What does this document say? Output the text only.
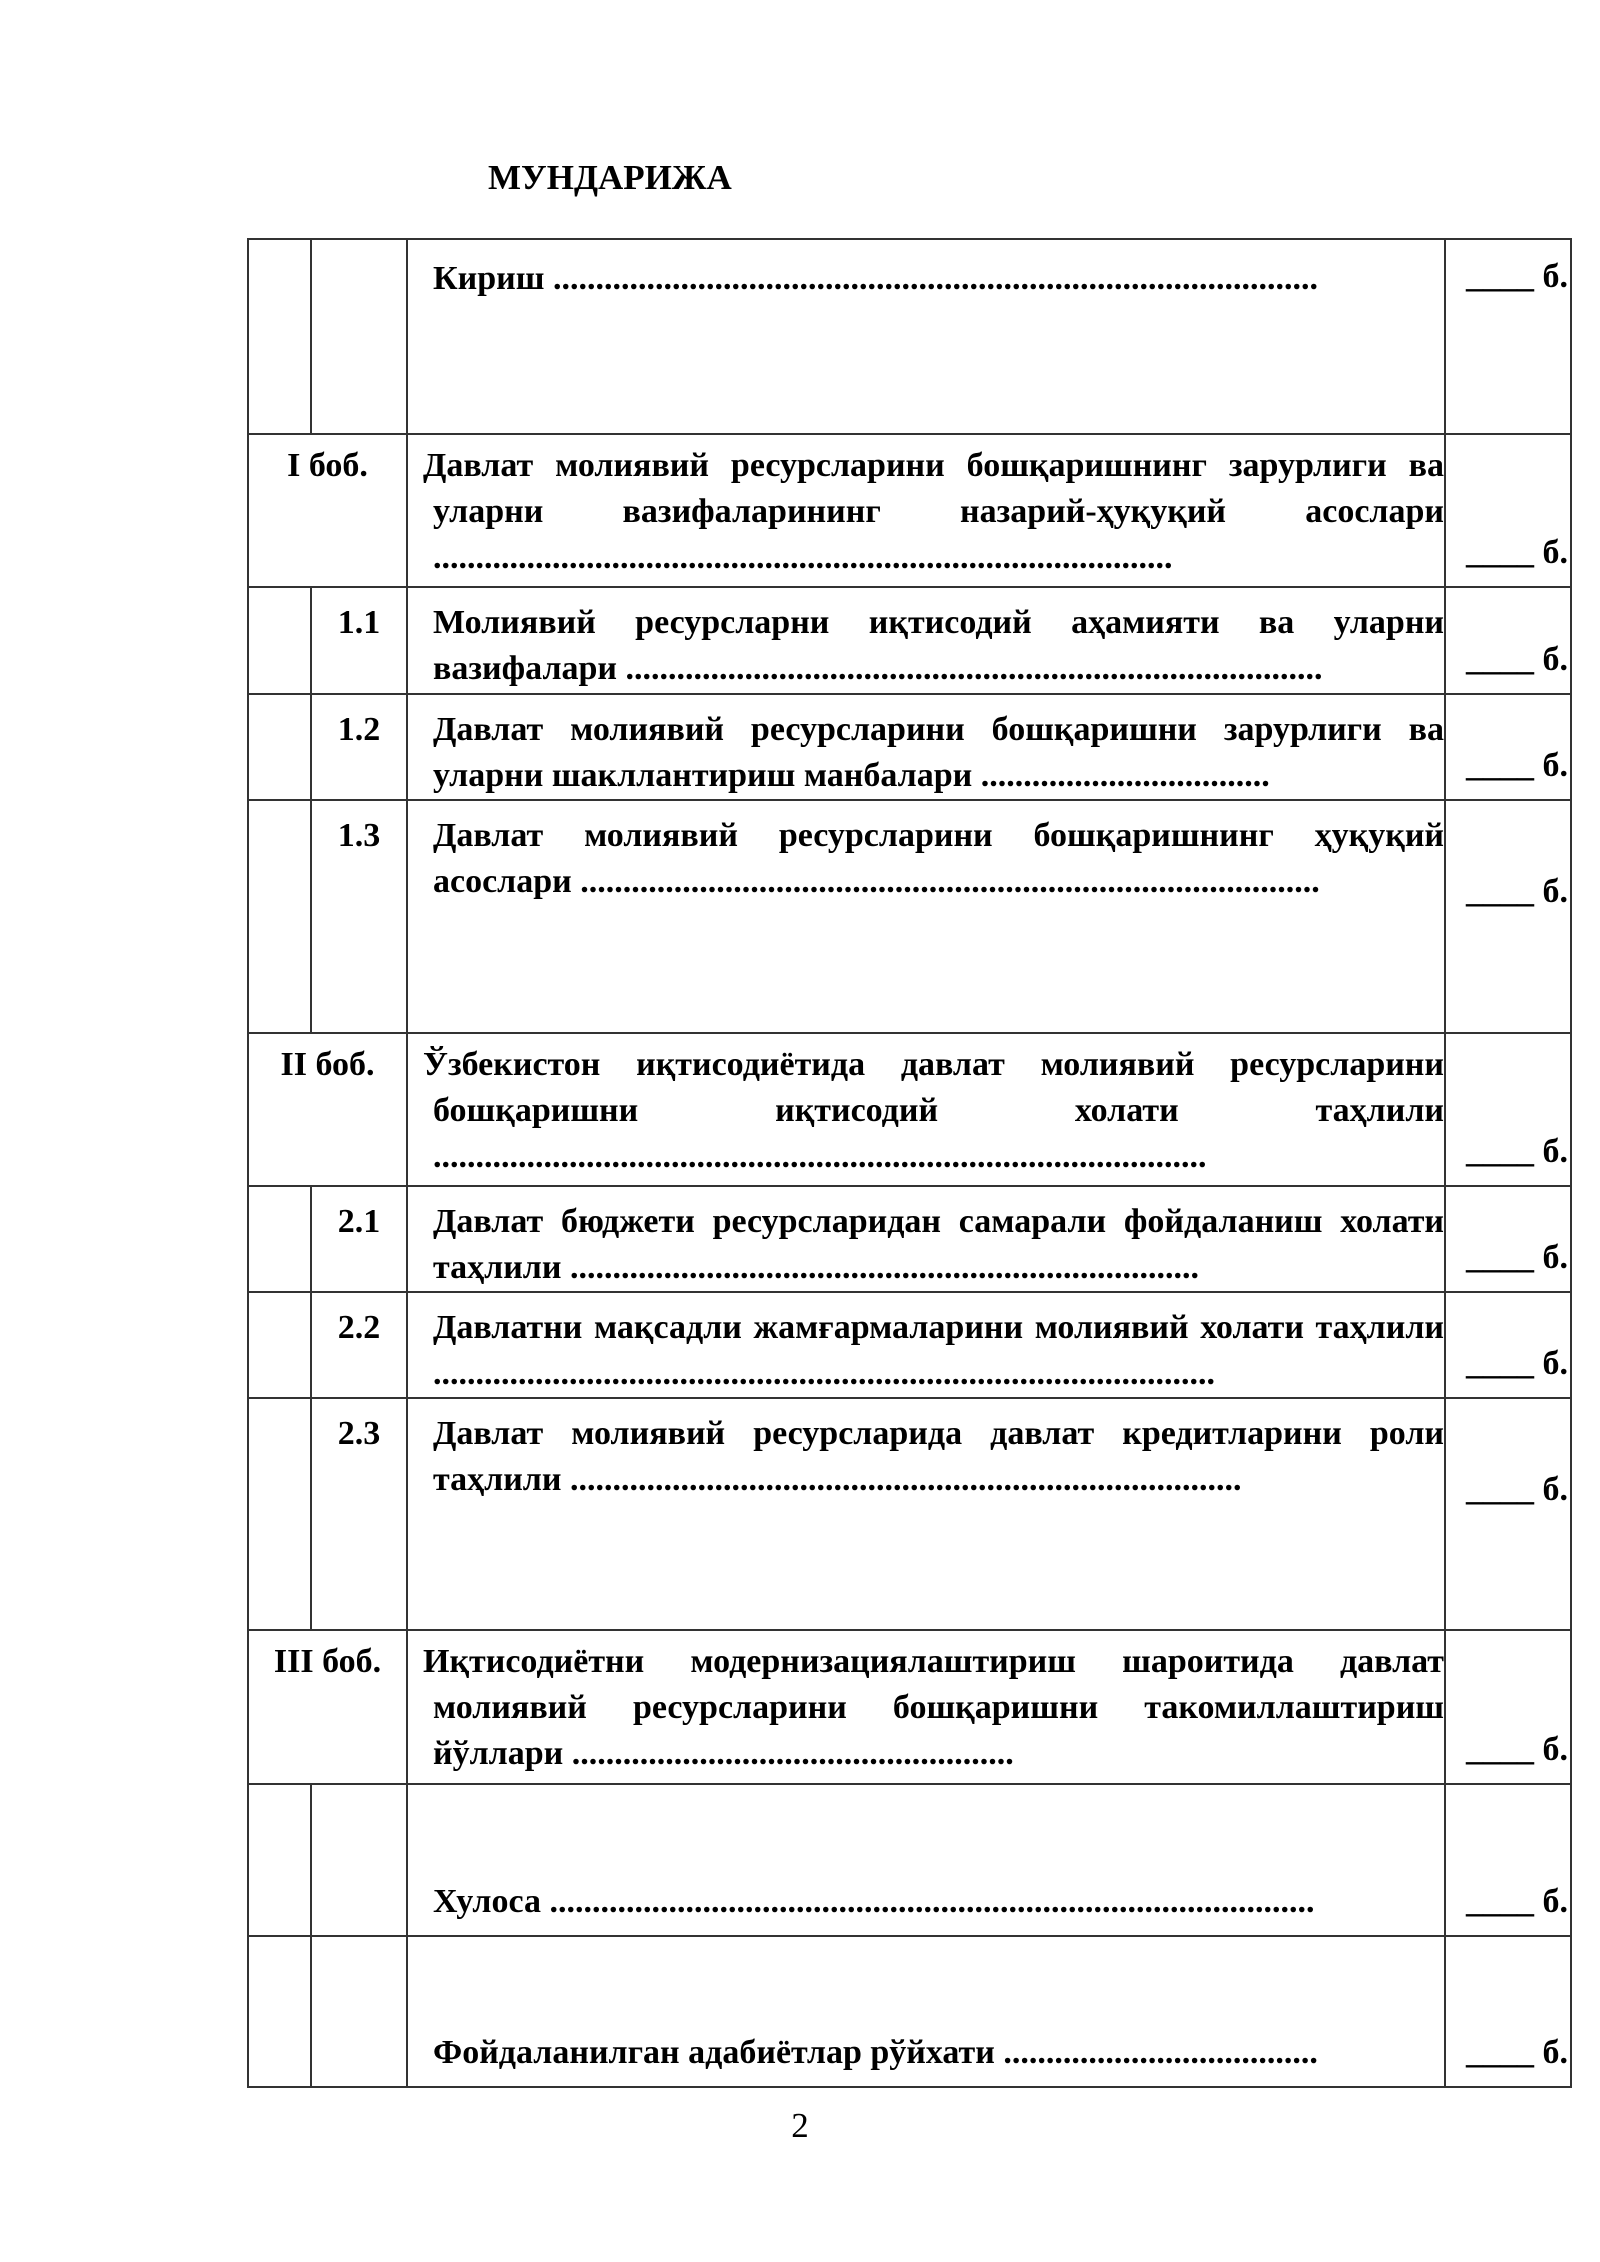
МУНДАРИЖА
		Кириш ..........................................................................................	____ б.
I боб.		Давлат молиявий ресурсларини бошқаришнинг зарурлиги ва уларни вазифаларининг назарий-ҳуқуқий асослари .......................................................................................	____ б.
	1.1	Молиявий ресурсларни иқтисодий аҳамияти ва уларни вазифалари ..................................................................................	____ б.
	1.2	Давлат молиявий ресурсларини бошқаришни зарурлиги ва уларни шакллантириш манбалари ..................................	____ б.
	1.3	Давлат молиявий ресурсларини бошқаришнинг ҳуқуқий асослари .......................................................................................	____ б.
II боб.		Ўзбекистон иқтисодиётида давлат молиявий ресурсларини бошқаришни иқтисодий холати таҳлили ...........................................................................................	____ б.
	2.1	Давлат бюджети ресурсларидан самарали фойдаланиш холати таҳлили ..........................................................................	____ б.
	2.2	Давлатни мақсадли жамғармаларини молиявий холати таҳлили ............................................................................................	____ б.
	2.3	Давлат молиявий ресурсларида давлат кредитларини роли таҳлили ...............................................................................	____ б.
III боб.		Иқтисодиётни модернизациялаштириш шароитида давлат молиявий ресурсларини бошқаришни такомиллаштириш йўллари ....................................................	____ б.
		Хулоса ..........................................................................................	____ б.
		Фойдаланилган адабиётлар рўйхати .....................................	____ б.
2
